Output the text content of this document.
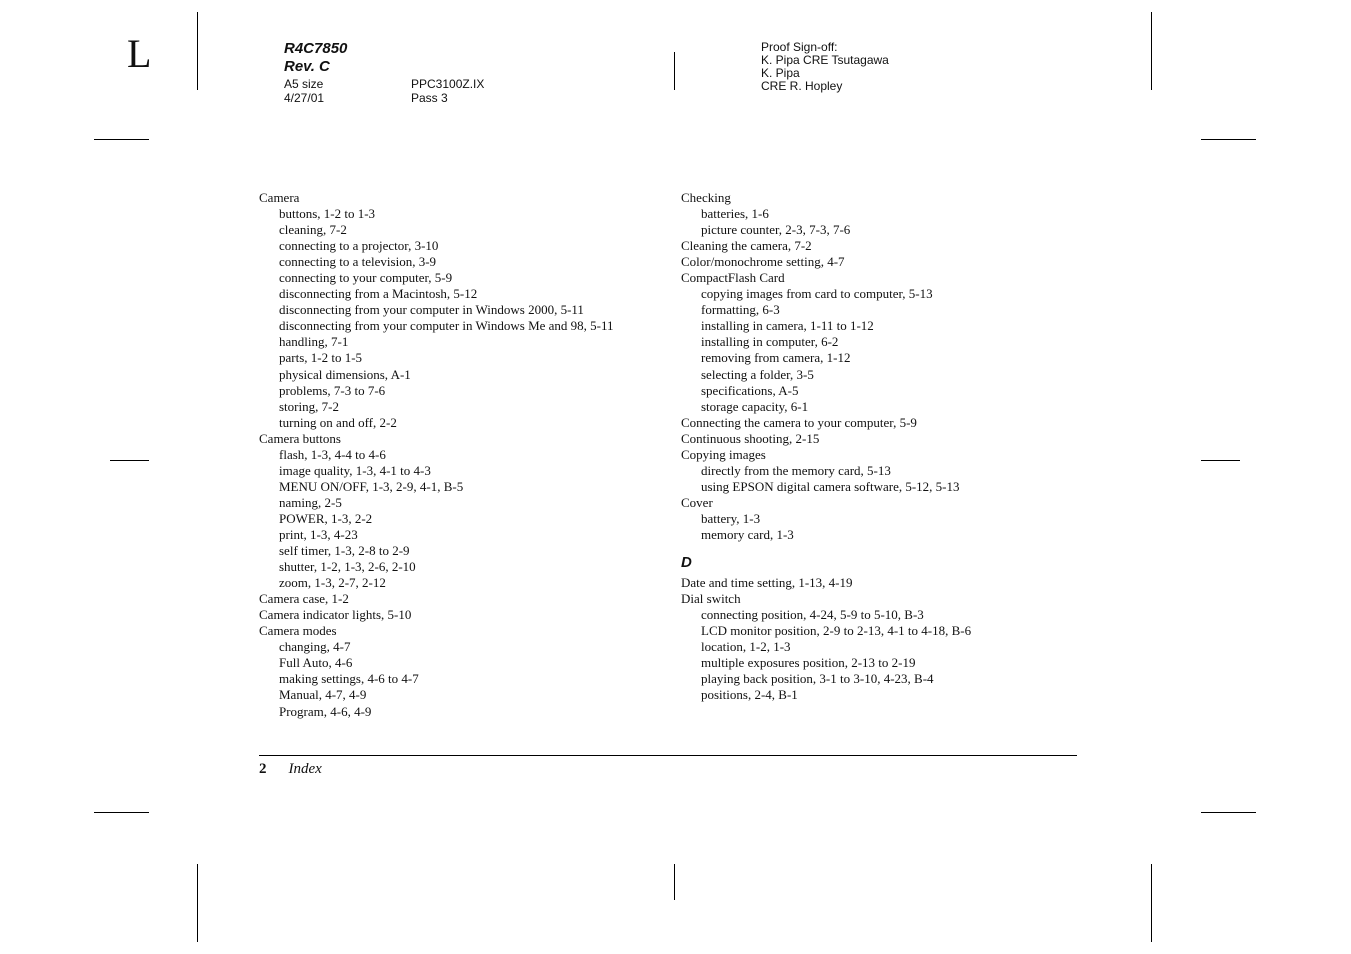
L	R4C7850
Rev. C
A5 size	PPC3100Z.IX
4/27/01	Pass 3
Proof Sign-off:
K. Pipa CRE Tsutagawa
K. Pipa
CRE R. Hopley
Camera
buttons, 1-2 to 1-3
cleaning, 7-2
connecting to a projector, 3-10
connecting to a television, 3-9
connecting to your computer, 5-9
disconnecting from a Macintosh, 5-12
disconnecting from your computer in Windows 2000, 5-11
disconnecting from your computer in Windows Me and 98, 5-11
handling, 7-1
parts, 1-2 to 1-5
physical dimensions, A-1
problems, 7-3 to 7-6
storing, 7-2
turning on and off, 2-2
Camera buttons
flash, 1-3, 4-4 to 4-6
image quality, 1-3, 4-1 to 4-3
MENU ON/OFF, 1-3, 2-9, 4-1, B-5
naming, 2-5
POWER, 1-3, 2-2
print, 1-3, 4-23
self timer, 1-3, 2-8 to 2-9
shutter, 1-2, 1-3, 2-6, 2-10
zoom, 1-3, 2-7, 2-12
Camera case, 1-2
Camera indicator lights, 5-10
Camera modes
changing, 4-7
Full Auto, 4-6
making settings, 4-6 to 4-7
Manual, 4-7, 4-9
Program, 4-6, 4-9
Checking
batteries, 1-6
picture counter, 2-3, 7-3, 7-6
Cleaning the camera, 7-2
Color/monochrome setting, 4-7
CompactFlash Card
copying images from card to computer, 5-13
formatting, 6-3
installing in camera, 1-11 to 1-12
installing in computer, 6-2
removing from camera, 1-12
selecting a folder, 3-5
specifications, A-5
storage capacity, 6-1
Connecting the camera to your computer, 5-9
Continuous shooting, 2-15
Copying images
directly from the memory card, 5-13
using EPSON digital camera software, 5-12, 5-13
Cover
battery, 1-3
memory card, 1-3
D
Date and time setting, 1-13, 4-19
Dial switch
connecting position, 4-24, 5-9 to 5-10, B-3
LCD monitor position, 2-9 to 2-13, 4-1 to 4-18, B-6
location, 1-2, 1-3
multiple exposures position, 2-13 to 2-19
playing back position, 3-1 to 3-10, 4-23, B-4
positions, 2-4, B-1
2 Index
